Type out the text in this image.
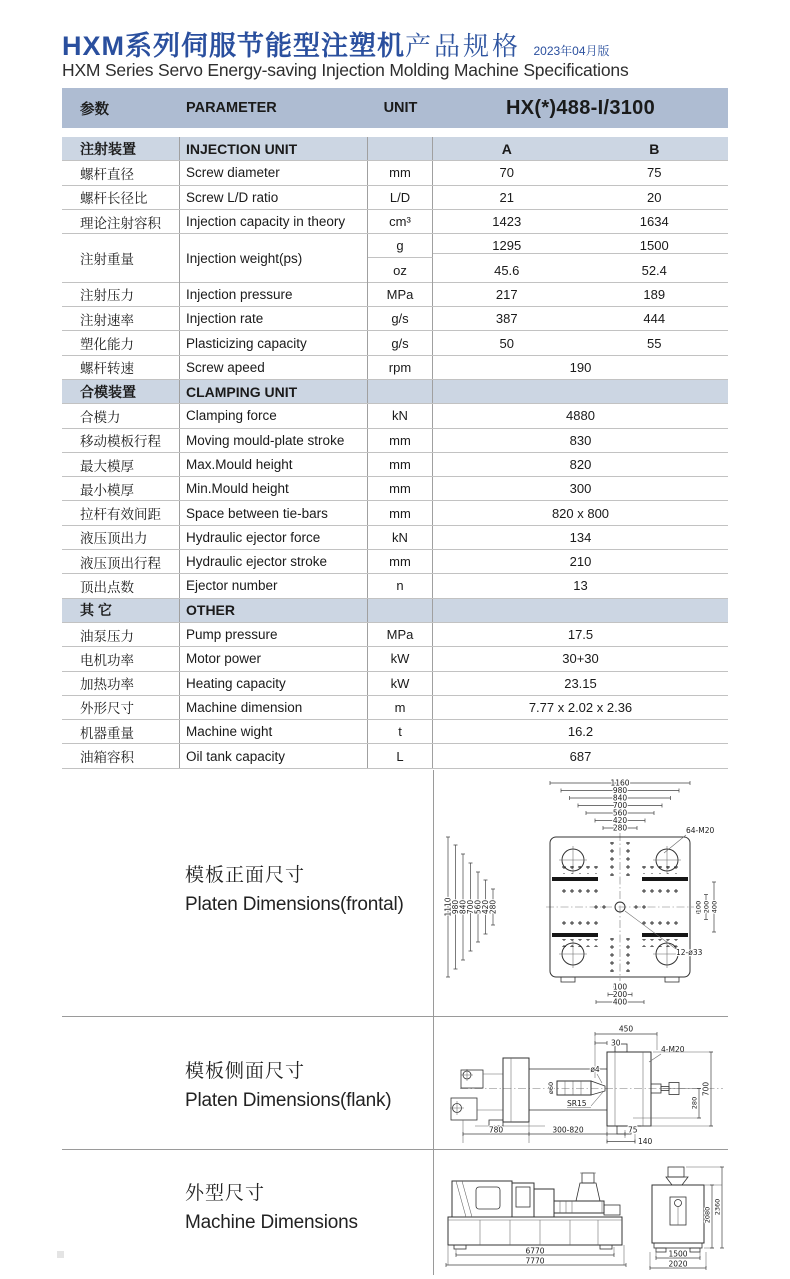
HXM系列伺服节能型注塑机产品规格 2023年04月版
HXM Series Servo Energy-saving Injection Molding Machine Specifications
参数	PARAMETER	UNIT	HX(*)488-I/3100
注射装置	INJECTION UNIT	A	B
螺杆直径	Screw diameter	mm	70	75
螺杆长径比	Screw L/D ratio	L/D	21	20
理论注射容积	Injection capacity in theory	cm³	1423	1634
注射重量	Injection weight(ps)
g	1295	1500
oz	45.6	52.4
注射压力	Injection pressure	MPa	217	189
注射速率	Injection rate	g/s	387	444
塑化能力	Plasticizing capacity	g/s	50	55
螺杆转速	Screw apeed	rpm	190
合模装置	CLAMPING UNIT
合模力	Clamping force	kN	4880
移动模板行程	Moving mould-plate stroke	mm	830
最大模厚	Max.Mould height	mm	820
最小模厚	Min.Mould height	mm	300
拉杆有效间距	Space between tie-bars	mm	820 x 800
液压顶出力	Hydraulic ejector force	kN	134
液压顶出行程	Hydraulic ejector stroke	mm	210
顶出点数	Ejector number	n	13
其 它	OTHER
油泵压力	Pump pressure	MPa	17.5
电机功率	Motor power	kW	30+30
加热功率	Heating capacity	kW	23.15
外形尺寸	Machine dimension	m	7.77 x 2.02 x 2.36
机器重量	Machine wight	t	16.2
油箱容积	Oil tank capacity	L	687
模板正面尺寸
Platen Dimensions(frontal)
1160
980
840
700
560
420
280
1110
980
840
700
560
420
280	100 200 400
100
200
400
64-M20
12-ø33
模板侧面尺寸
Platen Dimensions(flank)
450
30
4-M20
ø4
ø60
SR15
700
280
780	300-820	75
140
外型尺寸
Machine Dimensions
6770
7770
2080 2360
1500
2020
